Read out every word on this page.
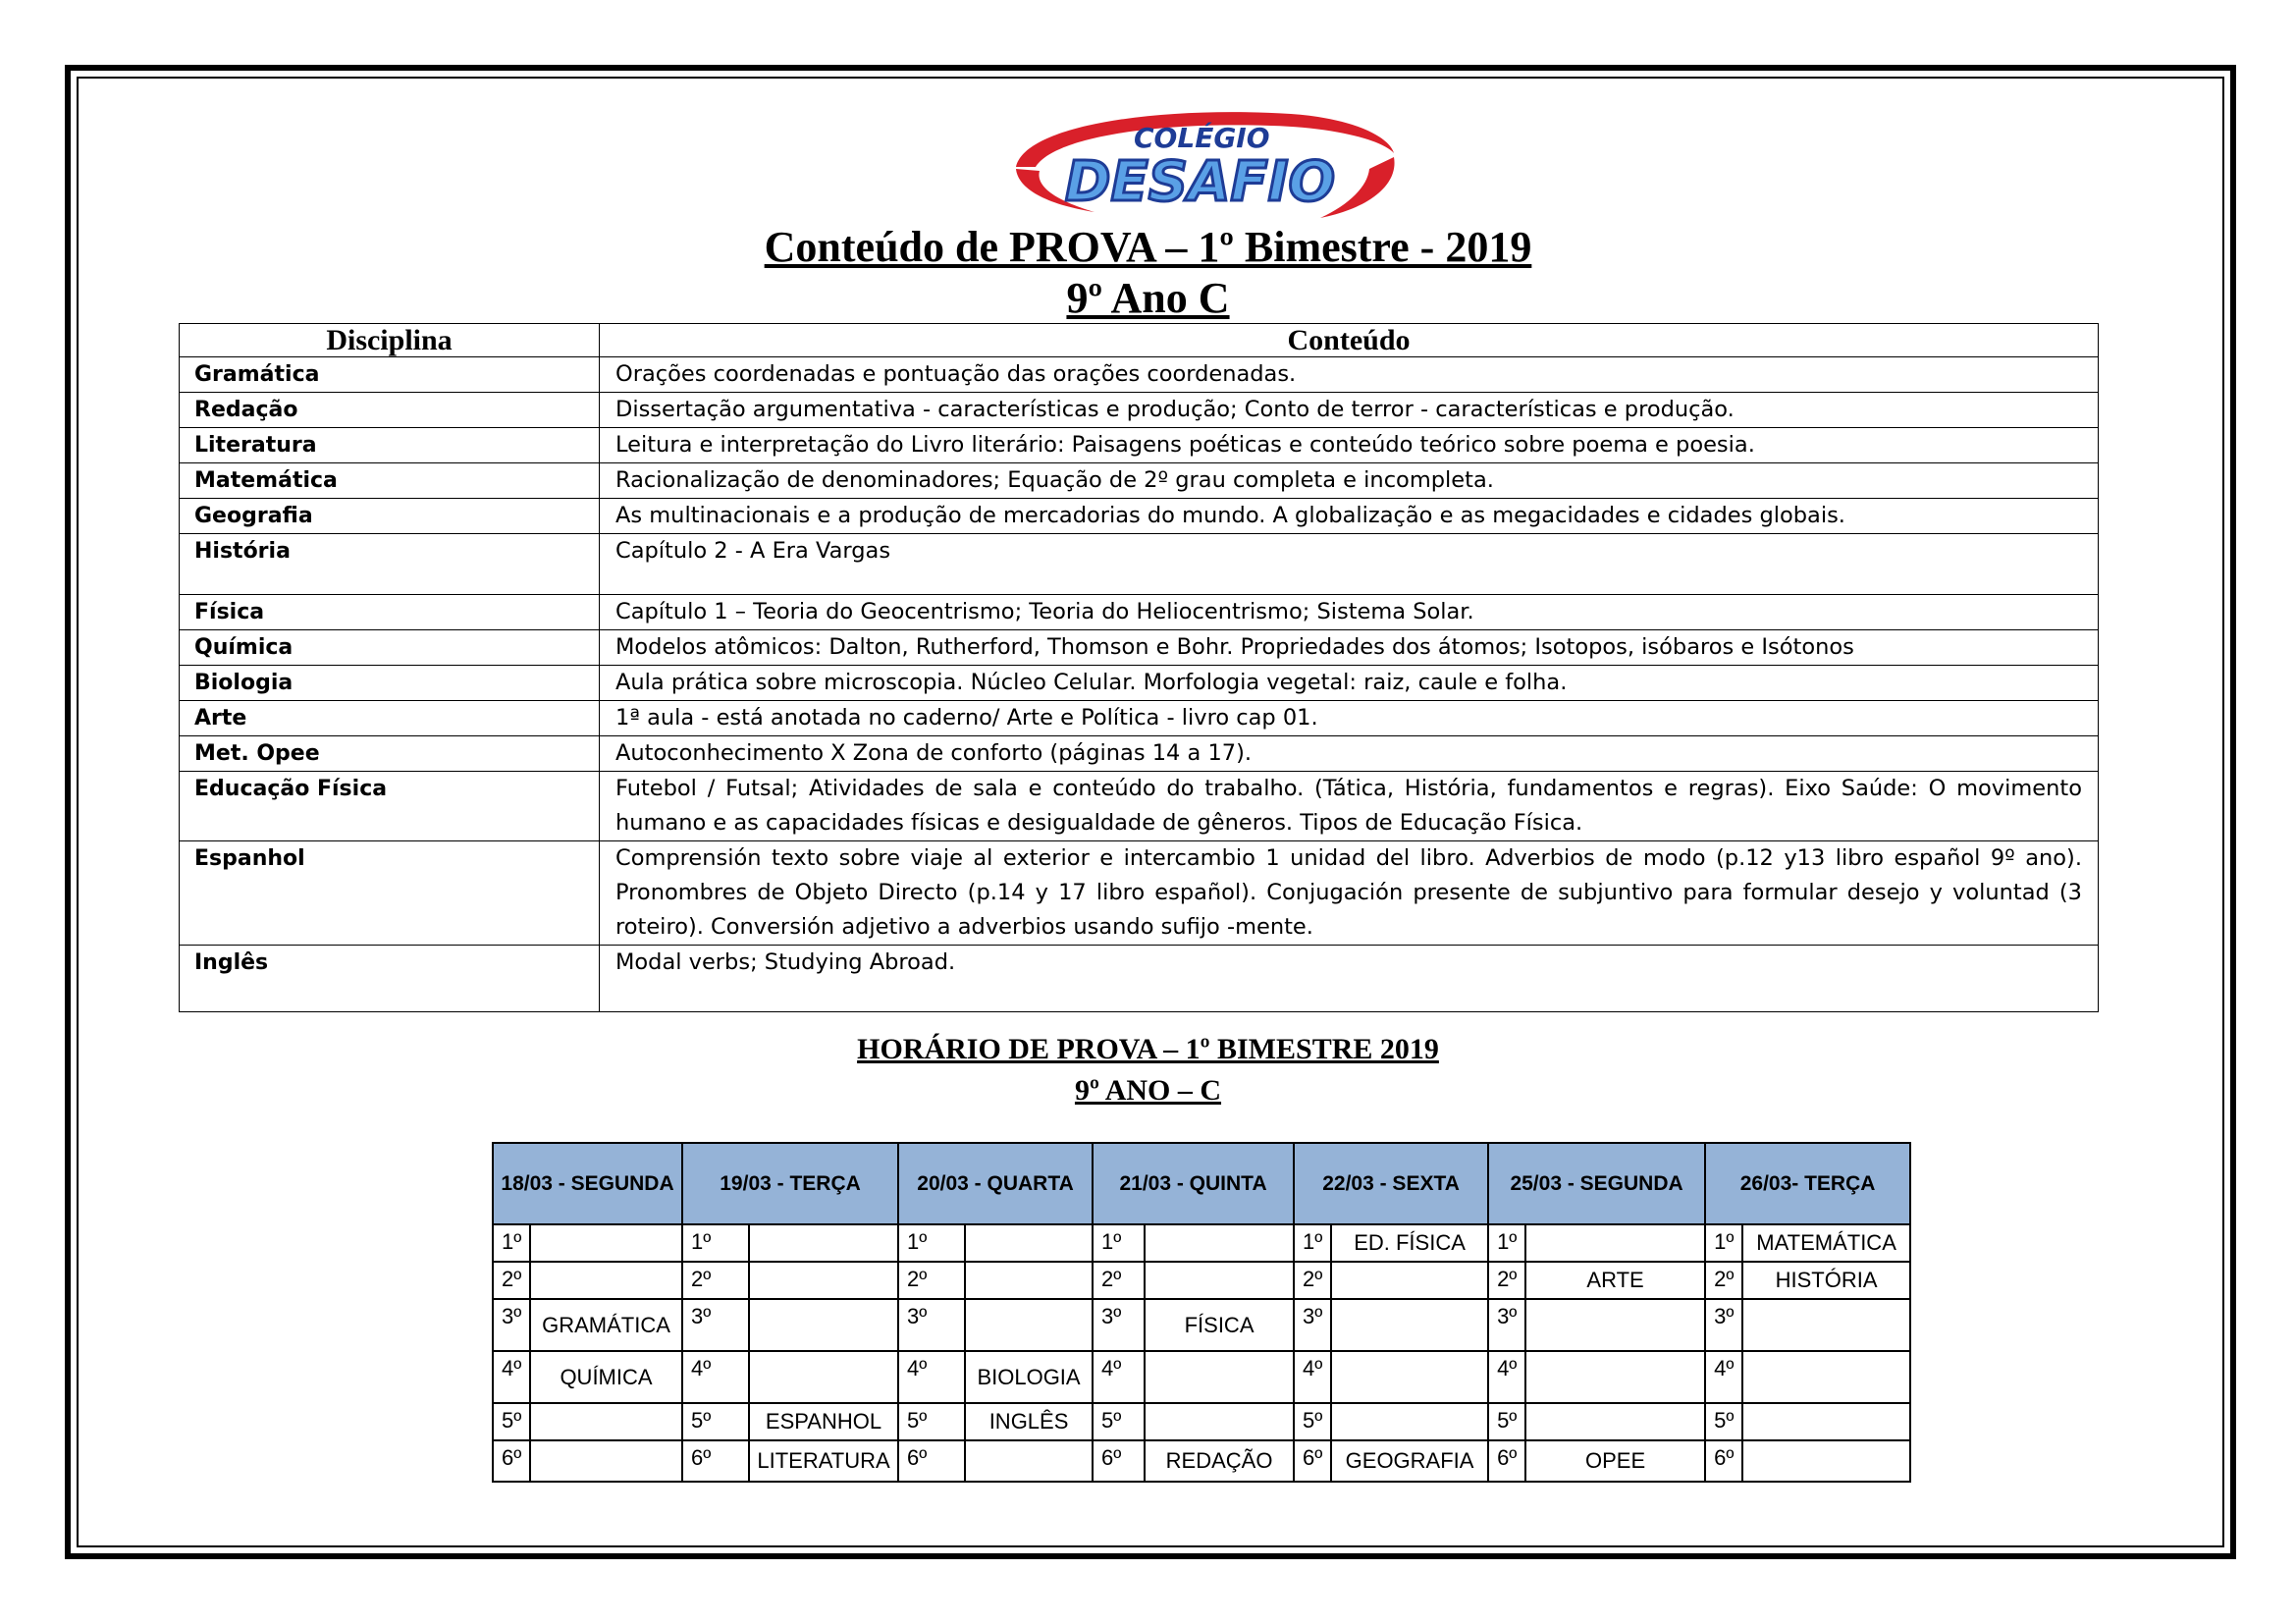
COLÉGIO
DESAFIO
Conteúdo de PROVA – 1º Bimestre - 2019
9º Ano C
Disciplina	Conteúdo
Gramática	Orações coordenadas e pontuação das orações coordenadas.
Redação	Dissertação argumentativa - características e produção; Conto de terror - características e produção.
Literatura	Leitura e interpretação do Livro literário: Paisagens poéticas e conteúdo teórico sobre poema e poesia.
Matemática	Racionalização de denominadores; Equação de 2º grau completa e incompleta.
Geografia	As multinacionais e a produção de mercadorias do mundo. A globalização e as megacidades e cidades globais.
História	Capítulo 2 - A Era Vargas
Física	Capítulo 1 – Teoria do Geocentrismo; Teoria do Heliocentrismo; Sistema Solar.
Química	Modelos atômicos: Dalton, Rutherford, Thomson e Bohr. Propriedades dos átomos; Isotopos, isóbaros e Isótonos
Biologia	Aula prática sobre microscopia. Núcleo Celular. Morfologia vegetal: raiz, caule e folha.
Arte	1ª aula - está anotada no caderno/ Arte e Política - livro cap 01.
Met. Opee	Autoconhecimento X Zona de conforto (páginas 14 a 17).
Educação Física	Futebol / Futsal; Atividades de sala e conteúdo do trabalho. (Tática, História, fundamentos e regras). Eixo Saúde: O movimento humano e as capacidades físicas e desigualdade de gêneros. Tipos de Educação Física.
Espanhol	Comprensión texto sobre viaje al exterior e intercambio 1 unidad del libro. Adverbios de modo (p.12 y13 libro español 9º ano). Pronombres de Objeto Directo (p.14 y 17 libro español). Conjugación presente de subjuntivo para formular desejo y voluntad (3 roteiro). Conversión adjetivo a adverbios usando sufijo -mente.
Inglês	Modal verbs; Studying Abroad.
HORÁRIO DE PROVA – 1º BIMESTRE 2019
9º ANO – C
18/03 - SEGUNDA		19/03 - TERÇA		20/03 - QUARTA		21/03 - QUINTA		22/03 - SEXTA		25/03 - SEGUNDA		26/03- TERÇA	
1º		1º		1º		1º		1º	ED. FÍSICA	1º		1º	MATEMÁTICA
2º		2º		2º		2º		2º		2º	ARTE	2º	HISTÓRIA
3º	GRAMÁTICA	3º		3º		3º	FÍSICA	3º		3º		3º	
4º	QUÍMICA	4º		4º	BIOLOGIA	4º		4º		4º		4º	
5º		5º	ESPANHOL	5º	INGLÊS	5º		5º		5º		5º	
6º		6º	LITERATURA	6º		6º	REDAÇÃO	6º	GEOGRAFIA	6º	OPEE	6º	
